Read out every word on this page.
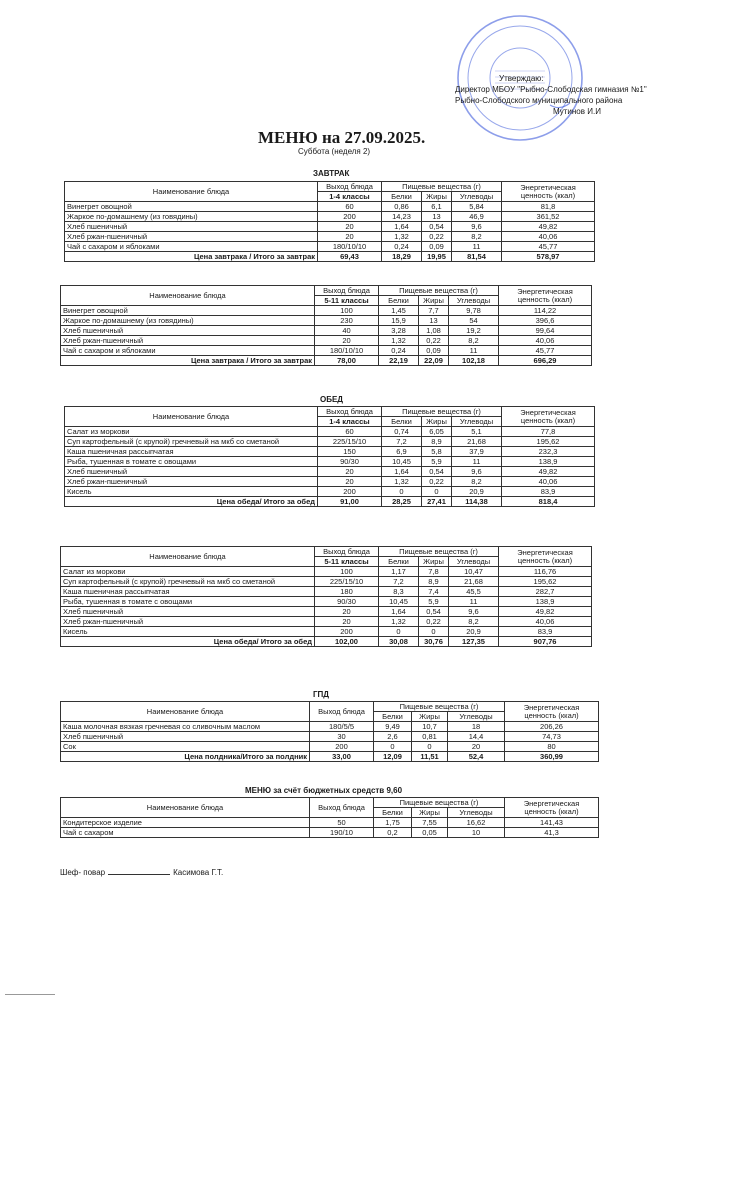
Утверждаю:
Директор МБОУ "Рыбно-Слободская гимназия №1"
Рыбно-Слободского муниципального района
Мутинов И.И
МЕНЮ на 27.09.2025.
Суббота (неделя 2)
ЗАВТРАК
ОБЕД
ГПД
МЕНЮ за счёт бюджетных средств 9,60
Наименование блюда	Выход блюда	Пищевые вещества (г)			Энергетическая ценность (ккал)
	1-4 классы	Белки	Жиры	Углеводы	
Винегрет овощной	60	0,86	6,1	5,84	81,8
Жаркое по-домашнему (из говядины)	200	14,23	13	46,9	361,52
Хлеб пшеничный	20	1,64	0,54	9,6	49,82
Хлеб ржан-пшеничный	20	1,32	0,22	8,2	40,06
Чай с сахаром и яблоками	180/10/10	0,24	0,09	11	45,77
Цена завтрака / Итого за завтрак	69,43	18,29	19,95	81,54	578,97
Наименование блюда	Выход блюда	Пищевые вещества (г)			Энергетическая ценность (ккал)
	5-11 классы	Белки	Жиры	Углеводы	
Винегрет овощной	100	1,45	7,7	9,78	114,22
Жаркое по-домашнему (из говядины)	230	15,9	13	54	396,6
Хлеб пшеничный	40	3,28	1,08	19,2	99,64
Хлеб ржан-пшеничный	20	1,32	0,22	8,2	40,06
Чай с сахаром и яблоками	180/10/10	0,24	0,09	11	45,77
Цена завтрака / Итого за завтрак	78,00	22,19	22,09	102,18	696,29
Наименование блюда	Выход блюда	Пищевые вещества (г)			Энергетическая ценность (ккал)
	1-4 классы	Белки	Жиры	Углеводы	
Салат из моркови	60	0,74	6,05	5,1	77,8
Суп картофельный (с крупой) гречневый на мкб со сметаной	225/15/10	7,2	8,9	21,68	195,62
Каша пшеничная рассыпчатая	150	6,9	5,8	37,9	232,3
Рыба, тушенная в томате с овощами	90/30	10,45	5,9	11	138,9
Хлеб пшеничный	20	1,64	0,54	9,6	49,82
Хлеб ржан-пшеничный	20	1,32	0,22	8,2	40,06
Кисель	200	0	0	20,9	83,9
Цена обеда/ Итого за обед	91,00	28,25	27,41	114,38	818,4
Наименование блюда	Выход блюда	Пищевые вещества (г)			Энергетическая ценность (ккал)
	5-11 классы	Белки	Жиры	Углеводы	
Салат из моркови	100	1,17	7,8	10,47	116,76
Суп картофельный (с крупой) гречневый на мкб со сметаной	225/15/10	7,2	8,9	21,68	195,62
Каша пшеничная рассыпчатая	180	8,3	7,4	45,5	282,7
Рыба, тушенная в томате с овощами	90/30	10,45	5,9	11	138,9
Хлеб пшеничный	20	1,64	0,54	9,6	49,82
Хлеб ржан-пшеничный	20	1,32	0,22	8,2	40,06
Кисель	200	0	0	20,9	83,9
Цена обеда/ Итого за обед	102,00	30,08	30,76	127,35	907,76
Наименование блюда	Выход блюда	Пищевые вещества (г)			Энергетическая ценность (ккал)
		Белки	Жиры	Углеводы	
Каша молочная вязкая гречневая со сливочным маслом	180/5/5	9,49	10,7	18	206,26
Хлеб пшеничный	30	2,6	0,81	14,4	74,73
Сок	200	0	0	20	80
Цена полдника/Итого за полдник	33,00	12,09	11,51	52,4	360,99
Наименование блюда	Выход блюда	Пищевые вещества (г)			Энергетическая ценность (ккал)
		Белки	Жиры	Углеводы	
Кондитерское изделие	50	1,75	7,55	16,62	141,43
Чай с сахаром	190/10	0,2	0,05	10	41,3
Шеф- повар	Касимова Г.Т.
